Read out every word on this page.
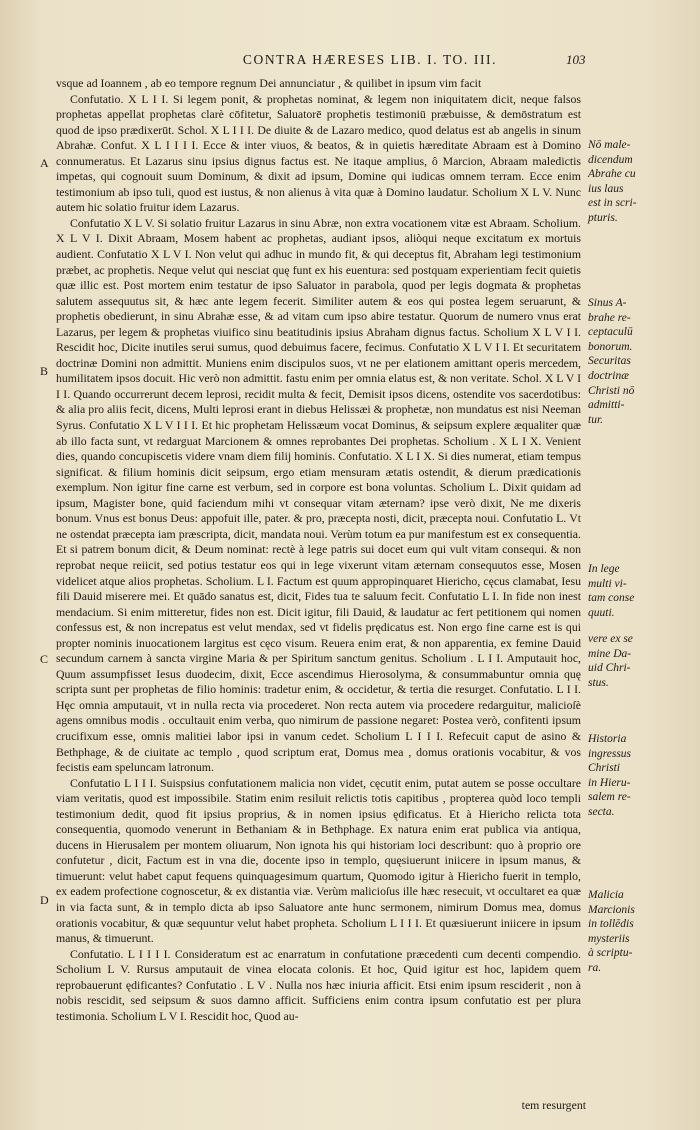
CONTRA HÆRESES LIB. I. TO. III.	103
A
B
C
D

vsque ad Ioannem , ab eo tempore regnum Dei annunciatur , & quilibet in ipsum vim facit

Confutatio. X L I I. Si legem ponit, & prophetas nominat, & legem non iniquitatem dicit, neque falsos prophetas appellat prophetas clarè cōfitetur, Saluatorē prophetis testimoniū præbuisse, & demōstratum est quod de ipso prædixerūt. Schol. X L I I I. De diuite & de Lazaro medico, quod delatus est ab angelis in sinum Abrahæ. Confut. X L I I I I. Ecce & inter viuos, & beatos, & in quietis hæreditate Abraam est à Domino connumeratus. Et Lazarus sinu ipsius dignus factus est. Ne itaque amplius, ô Marcion, Abraam maledictis impetas, qui cognouit suum Dominum, & dixit ad ipsum, Domine qui iudicas omnem terram. Ecce enim testimonium ab ipso tuli, quod est iustus, & non alienus à vita quæ à Domino laudatur. Scholium X L V. Nunc autem hic solatio fruitur idem Lazarus.

Confutatio X L V. Si solatio fruitur Lazarus in sinu Abræ, non extra vocationem vitæ est Abraam. Scholium. X L V I. Dixit Abraam, Mosem habent ac prophetas, audiant ipsos, aliòqui neque excitatum ex mortuis audient. Confutatio X L V I. Non velut qui adhuc in mundo fit, & qui deceptus fit, Abraham legi testimonium præbet, ac prophetis. Neque velut qui nesciat quę funt ex his euentura: sed postquam experientiam fecit quietis quæ illic est. Post mortem enim testatur de ipso Saluator in parabola, quod per legis dogmata & prophetas salutem assequutus sit, & hæc ante legem fecerit. Similiter autem & eos qui postea legem seruarunt, & prophetis obedierunt, in sinu Abrahæ esse, & ad vitam cum ipso abire testatur. Quorum de numero vnus erat Lazarus, per legem & prophetas viuifico sinu beatitudinis ipsius Abraham dignus factus. Scholium X L V I I. Rescidit hoc, Dicite inutiles serui sumus, quod debuimus facere, fecimus. Confutatio X L V I I. Et securitatem doctrinæ Domini non admittit. Muniens enim discipulos suos, vt ne per elationem amittant operis mercedem, humilitatem ipsos docuit. Hic verò non admittit. fastu enim per omnia elatus est, & non veritate. Schol. X L V I I I. Quando occurrerunt decem leprosi, recidit multa & fecit, Demisit ipsos dicens, ostendite vos sacerdotibus: & alia pro aliis fecit, dicens, Multi leprosi erant in diebus Helissæi & prophetæ, non mundatus est nisi Neeman Syrus. Confutatio X L V I I I. Et hic prophetam Helissæum vocat Dominus, & seipsum explere æqualiter quæ ab illo facta sunt, vt redarguat Marcionem & omnes reprobantes Dei prophetas. Scholium . X L I X. Venient dies, quando concupiscetis videre vnam diem filij hominis. Confutatio. X L I X. Si dies numerat, etiam tempus significat. & filium hominis dicit seipsum, ergo etiam mensuram ætatis ostendit, & dierum prædicationis exemplum. Non igitur fine carne est verbum, sed in corpore est bona voluntas. Scholium L. Dixit quidam ad ipsum, Magister bone, quid faciendum mihi vt consequar vitam æternam? ipse verò dixit, Ne me dixeris bonum. Vnus est bonus Deus: appofuit ille, pater. & pro, præcepta nosti, dicit, præcepta noui. Confutatio L. Vt ne ostendat præcepta iam præscripta, dicit, mandata noui. Verùm totum ea pur manifestum est ex consequentia. Et si patrem bonum dicit, & Deum nominat: rectè à lege patris sui docet eum qui vult vitam consequi. & non reprobat neque reiicit, sed potius testatur eos qui in lege vixerunt vitam æternam consequutos esse, Mosen videlicet atque alios prophetas. Scholium. L I. Factum est quum appropinquaret Hiericho, cęcus clamabat, Iesu fili Dauid miserere mei. Et quādo sanatus est, dicit, Fides tua te saluum fecit. Confutatio L I. In fide non inest mendacium. Si enim mitteretur, fides non est. Dicit igitur, fili Dauid, & laudatur ac fert petitionem qui nomen confessus est, & non increpatus est velut mendax, sed vt fidelis prędicatus est. Non ergo fine carne est is qui propter nominis inuocationem largitus est cęco visum. Reuera enim erat, & non apparentia, ex femine Dauid secundum carnem à sancta virgine Maria & per Spiritum sanctum genitus. Scholium . L I I. Amputauit hoc, Quum assumpfisset Iesus duodecim, dixit, Ecce ascendimus Hierosolyma, & consummabuntur omnia quę scripta sunt per prophetas de filio hominis: tradetur enim, & occidetur, & tertia die resurget. Confutatio. L I I. Hęc omnia amputauit, vt in nulla recta via procederet. Non recta autem via procedere redarguitur, malicioſè agens omnibus modis . occultauit enim verba, quo nimirum de passione negaret: Postea verò, confitenti ipsum crucifixum esse, omnis malitiei labor ipsi in vanum cedet. Scholium L I I I. Refecuit caput de asino & Bethphage, & de ciuitate ac templo , quod scriptum erat, Domus mea , domus orationis vocabitur, & vos fecistis eam speluncam latronum.

Confutatio L I I I. Suispsius confutationem malicia non videt, cęcutit enim, putat autem se posse occultare viam veritatis, quod est impossibile. Statim enim resiluit relictis totis capitibus , propterea quòd loco templi testimonium dedit, quod fit ipsius proprius, & in nomen ipsius ędificatus. Et à Hiericho relicta tota consequentia, quomodo venerunt in Bethaniam & in Bethphage. Ex natura enim erat publica via antiqua, ducens in Hierusalem per montem oliuarum, Non ignota his qui historiam loci describunt: quo à proprio ore confutetur , dicit, Factum est in vna die, docente ipso in templo, quęsiuerunt iniicere in ipsum manus, & timuerunt: velut habet caput fequens quinquagesimum quartum, Quomodo igitur à Hiericho fuerit in templo, ex eadem profectione cognoscetur, & ex distantia viæ. Verùm malicioſus ille hæc resecuit, vt occultaret ea quæ in via facta sunt, & in templo dicta ab ipso Saluatore ante hunc sermonem, nimirum Domus mea, domus orationis vocabitur, & quæ sequuntur velut habet propheta. Scholium L I I I. Et quæsiuerunt iniicere in ipsum manus, & timuerunt.

Confutatio. L I I I I. Consideratum est ac enarratum in confutatione præcedenti cum decenti compendio. Scholium L V. Rursus amputauit de vinea elocata colonis. Et hoc, Quid igitur est hoc, lapidem quem reprobauerunt ędificantes? Confutatio . L V . Nulla nos hæc iniuria afficit. Etsi enim ipsum resciderit , non à nobis rescidit, sed seipsum & suos damno afficit. Sufficiens enim contra ipsum confutatio est per plura testimonia. Scholium L V I. Rescidit hoc, Quod au-

Nō male-
dicendum
Abrahe cu
ius laus
est in scri-
pturis.
Sinus A-
brahe re-
ceptaculū
bonorum.
Securitas
doctrinæ
Christi nō
admitti-
tur.
In lege
multi vi-
tam conse
quuti.
vere ex se
mine Da-
uid Chri-
stus.
Historia
ingressus
Christi
in Hieru-
salem re-
secta.
Malicia
Marcionis
in tollēdis
mysteriis
à scriptu-
ra.
tem resurgent
